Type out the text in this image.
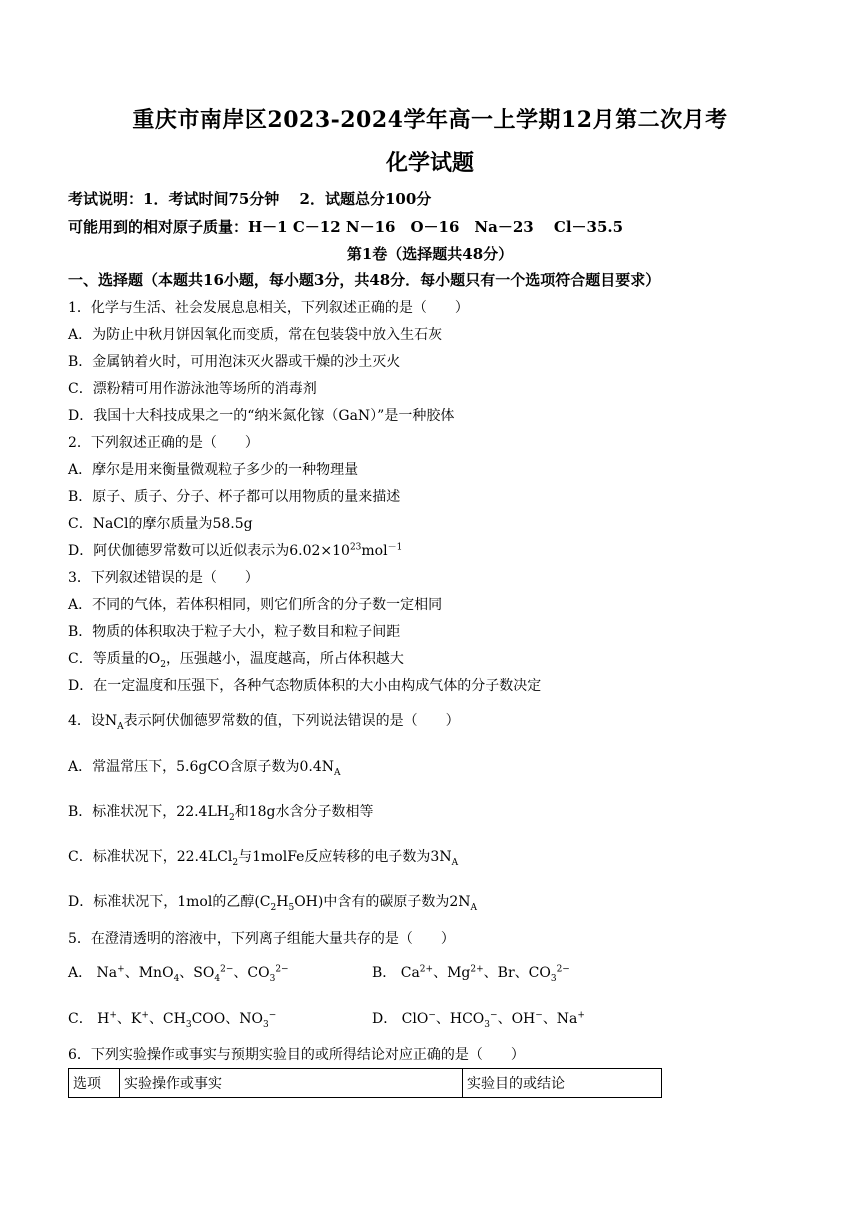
重庆市南岸区2023-2024学年高一上学期12月第二次月考
化学试题
考试说明：1．考试时间75分钟　 2．试题总分100分
可能用到的相对原子质量：H－1 C－12 N－16　O－16　Na－23　 Cl－35.5
第1卷（选择题共48分）
一、选择题（本题共16小题，每小题3分，共48分．每小题只有一个选项符合题目要求）
1．化学与生活、社会发展息息相关，下列叙述正确的是（　　）
A．为防止中秋月饼因氧化而变质，常在包装袋中放入生石灰
B．金属钠着火时，可用泡沫灭火器或干燥的沙土灭火
C．漂粉精可用作游泳池等场所的消毒剂
D．我国十大科技成果之一的“纳米氮化镓（GaN）”是一种胶体
2．下列叙述正确的是（　　）
A．摩尔是用来衡量微观粒子多少的一种物理量
B．原子、质子、分子、杯子都可以用物质的量来描述
C．NaCl的摩尔质量为58.5g
D．阿伏伽德罗常数可以近似表示为$6.02\times 10^{23}mol^{-1}$
3．下列叙述错误的是（　　）
A．不同的气体，若体积相同，则它们所含的分子数一定相同
B．物质的体积取决于粒子大小，粒子数目和粒子间距
C．等质量的$O_2$，压强越小，温度越高，所占体积越大
D．在一定温度和压强下，各种气态物质体积的大小由构成气体的分子数决定
4．设$N_A$表示阿伏伽德罗常数的值，下列说法错误的是（　　）
A．常温常压下，5.6gCO含原子数为$0.4N_A$
B．标准状况下，$22.4LH_2$和18g水含分子数相等
C．标准状况下，22.4LCl$_2$与1molFe反应转移的电子数为$3N_A$
D．标准状况下，1mol的乙醇$(C_2H_5OH)$中含有的碳原子数为$2N_A$
5．在澄清透明的溶液中，下列离子组能大量共存的是（　　）
A． Na+、MnO$_4$、$SO_4^{2-}$、$CO_3^{2-}$	B． $Ca^{2+}$、$Mg^{2+}$、Br、$CO_3^{2-}$
C． H+、K+、$CH_3COO$、$NO_3^-$	D． ClO−、$HCO_3^-$、OH−、Na+
6．下列实验操作或事实与预期实验目的或所得结论对应正确的是（　　）
选项	实验操作或事实	实验目的或结论
